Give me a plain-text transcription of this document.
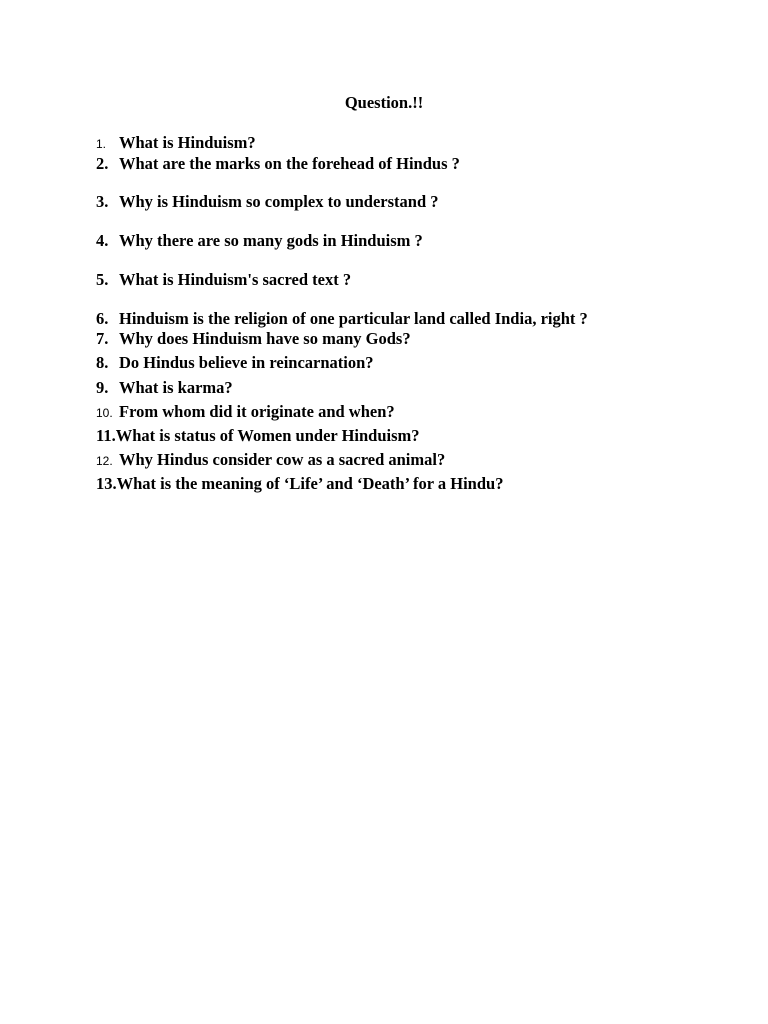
Question.!!
1. What is Hinduism?
2. What are the marks on the forehead of Hindus ?
3. Why is Hinduism so complex to understand ?
4. Why there are so many gods in Hinduism ?
5. What is Hinduism's sacred text ?
6. Hinduism is the religion of one particular land called India, right ?
7. Why does Hinduism have so many Gods?
8. Do Hindus believe in reincarnation?
9. What is karma?
10. From whom did it originate and when?
11.What is status of Women under Hinduism?
12. Why Hindus consider cow as a sacred animal?
13.What is the meaning of ‘Life’ and ‘Death’ for a Hindu?
